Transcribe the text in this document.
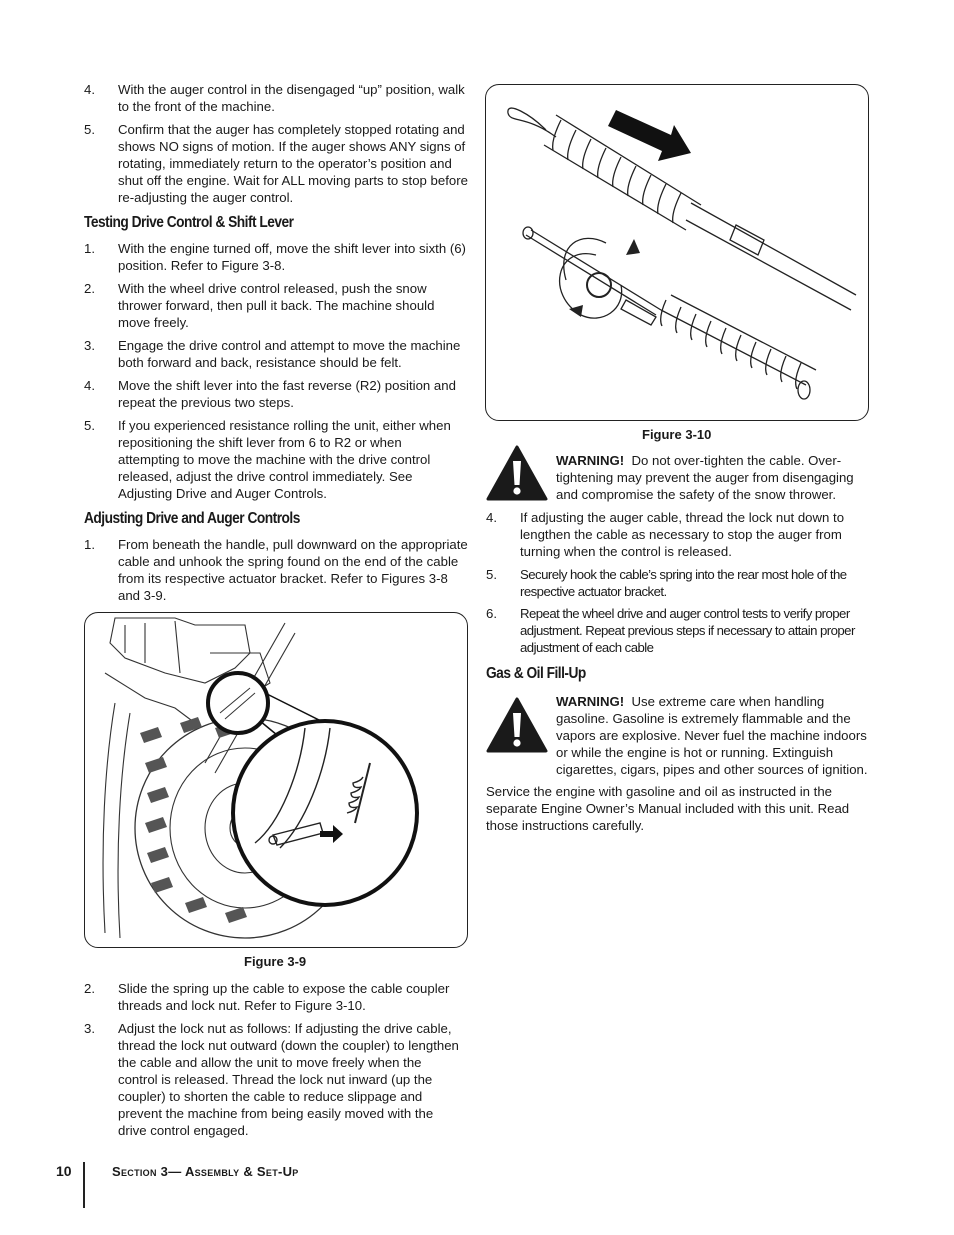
4. With the auger control in the disengaged “up” position, walk to the front of the machine.
5. Confirm that the auger has completely stopped rotating and shows NO signs of motion. If the auger shows ANY signs of rotating, immediately return to the operator’s position and shut off the engine. Wait for ALL moving parts to stop before re-adjusting the auger control.
Testing Drive Control & Shift Lever
1. With the engine turned off, move the shift lever into sixth (6) position. Refer to Figure 3-8.
2. With the wheel drive control released, push the snow thrower forward, then pull it back. The machine should move freely.
3. Engage the drive control and attempt to move the machine both forward and back, resistance should be felt.
4. Move the shift lever into the fast reverse (R2) position and repeat the previous two steps.
5. If you experienced resistance rolling the unit, either when repositioning the shift lever from 6 to R2 or when attempting to move the machine with the drive control released, adjust the drive control immediately. See Adjusting Drive and Auger Controls.
Adjusting Drive and Auger Controls
1. From beneath the handle, pull downward on the appropriate cable and unhook the spring found on the end of the cable from its respective actuator bracket. Refer to Figures 3-8 and 3-9.
Figure 3-9
2. Slide the spring up the cable to expose the cable coupler threads and lock nut. Refer to Figure 3-10.
3. Adjust the lock nut as follows: If adjusting the drive cable, thread the lock nut outward (down the coupler) to lengthen the cable and allow the unit to move freely when the control is released. Thread the lock nut inward (up the coupler) to shorten the cable to reduce slippage and prevent the machine from being easily moved with the drive control engaged.
Figure 3-10
WARNING! Do not over-tighten the cable. Over-tightening may prevent the auger from disengaging and compromise the safety of the snow thrower.
4. If adjusting the auger cable, thread the lock nut down to lengthen the cable as necessary to stop the auger from turning when the control is released.
5. Securely hook the cable’s spring into the rear most hole of the respective actuator bracket.
6. Repeat the wheel drive and auger control tests to verify proper adjustment. Repeat previous steps if necessary to attain proper adjustment of each cable
Gas & Oil Fill-Up
WARNING! Use extreme care when handling gasoline. Gasoline is extremely flammable and the vapors are explosive. Never fuel the machine indoors or while the engine is hot or running. Extinguish cigarettes, cigars, pipes and other sources of ignition.
Service the engine with gasoline and oil as instructed in the separate Engine Owner’s Manual included with this unit. Read those instructions carefully.
10	Section 3— Assembly & Set-Up
